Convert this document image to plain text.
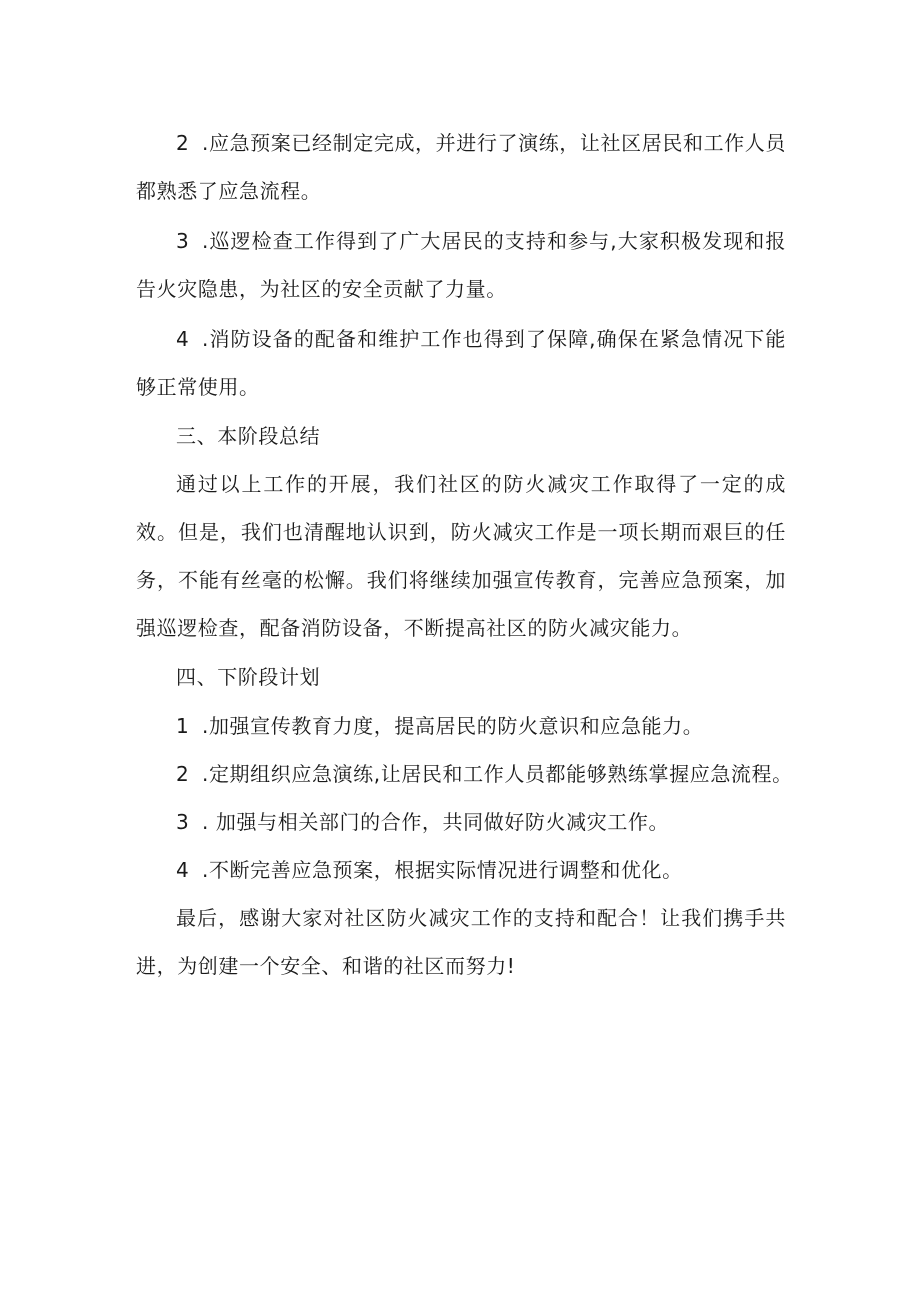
2 .应急预案已经制定完成，并进行了演练，让社区居民和工作人员都熟悉了应急流程。

3 .巡逻检查工作得到了广大居民的支持和参与,大家积极发现和报告火灾隐患，为社区的安全贡献了力量。

4 .消防设备的配备和维护工作也得到了保障,确保在紧急情况下能够正常使用。

三、本阶段总结

通过以上工作的开展，我们社区的防火减灾工作取得了一定的成效。但是，我们也清醒地认识到，防火减灾工作是一项长期而艰巨的任务，不能有丝毫的松懈。我们将继续加强宣传教育，完善应急预案，加强巡逻检查，配备消防设备，不断提高社区的防火减灾能力。

四、下阶段计划

1 .加强宣传教育力度，提高居民的防火意识和应急能力。

2 .定期组织应急演练,让居民和工作人员都能够熟练掌握应急流程。

3 . 加强与相关部门的合作，共同做好防火减灾工作。

4 .不断完善应急预案，根据实际情况进行调整和优化。

最后，感谢大家对社区防火减灾工作的支持和配合！让我们携手共进，为创建一个安全、和谐的社区而努力!
